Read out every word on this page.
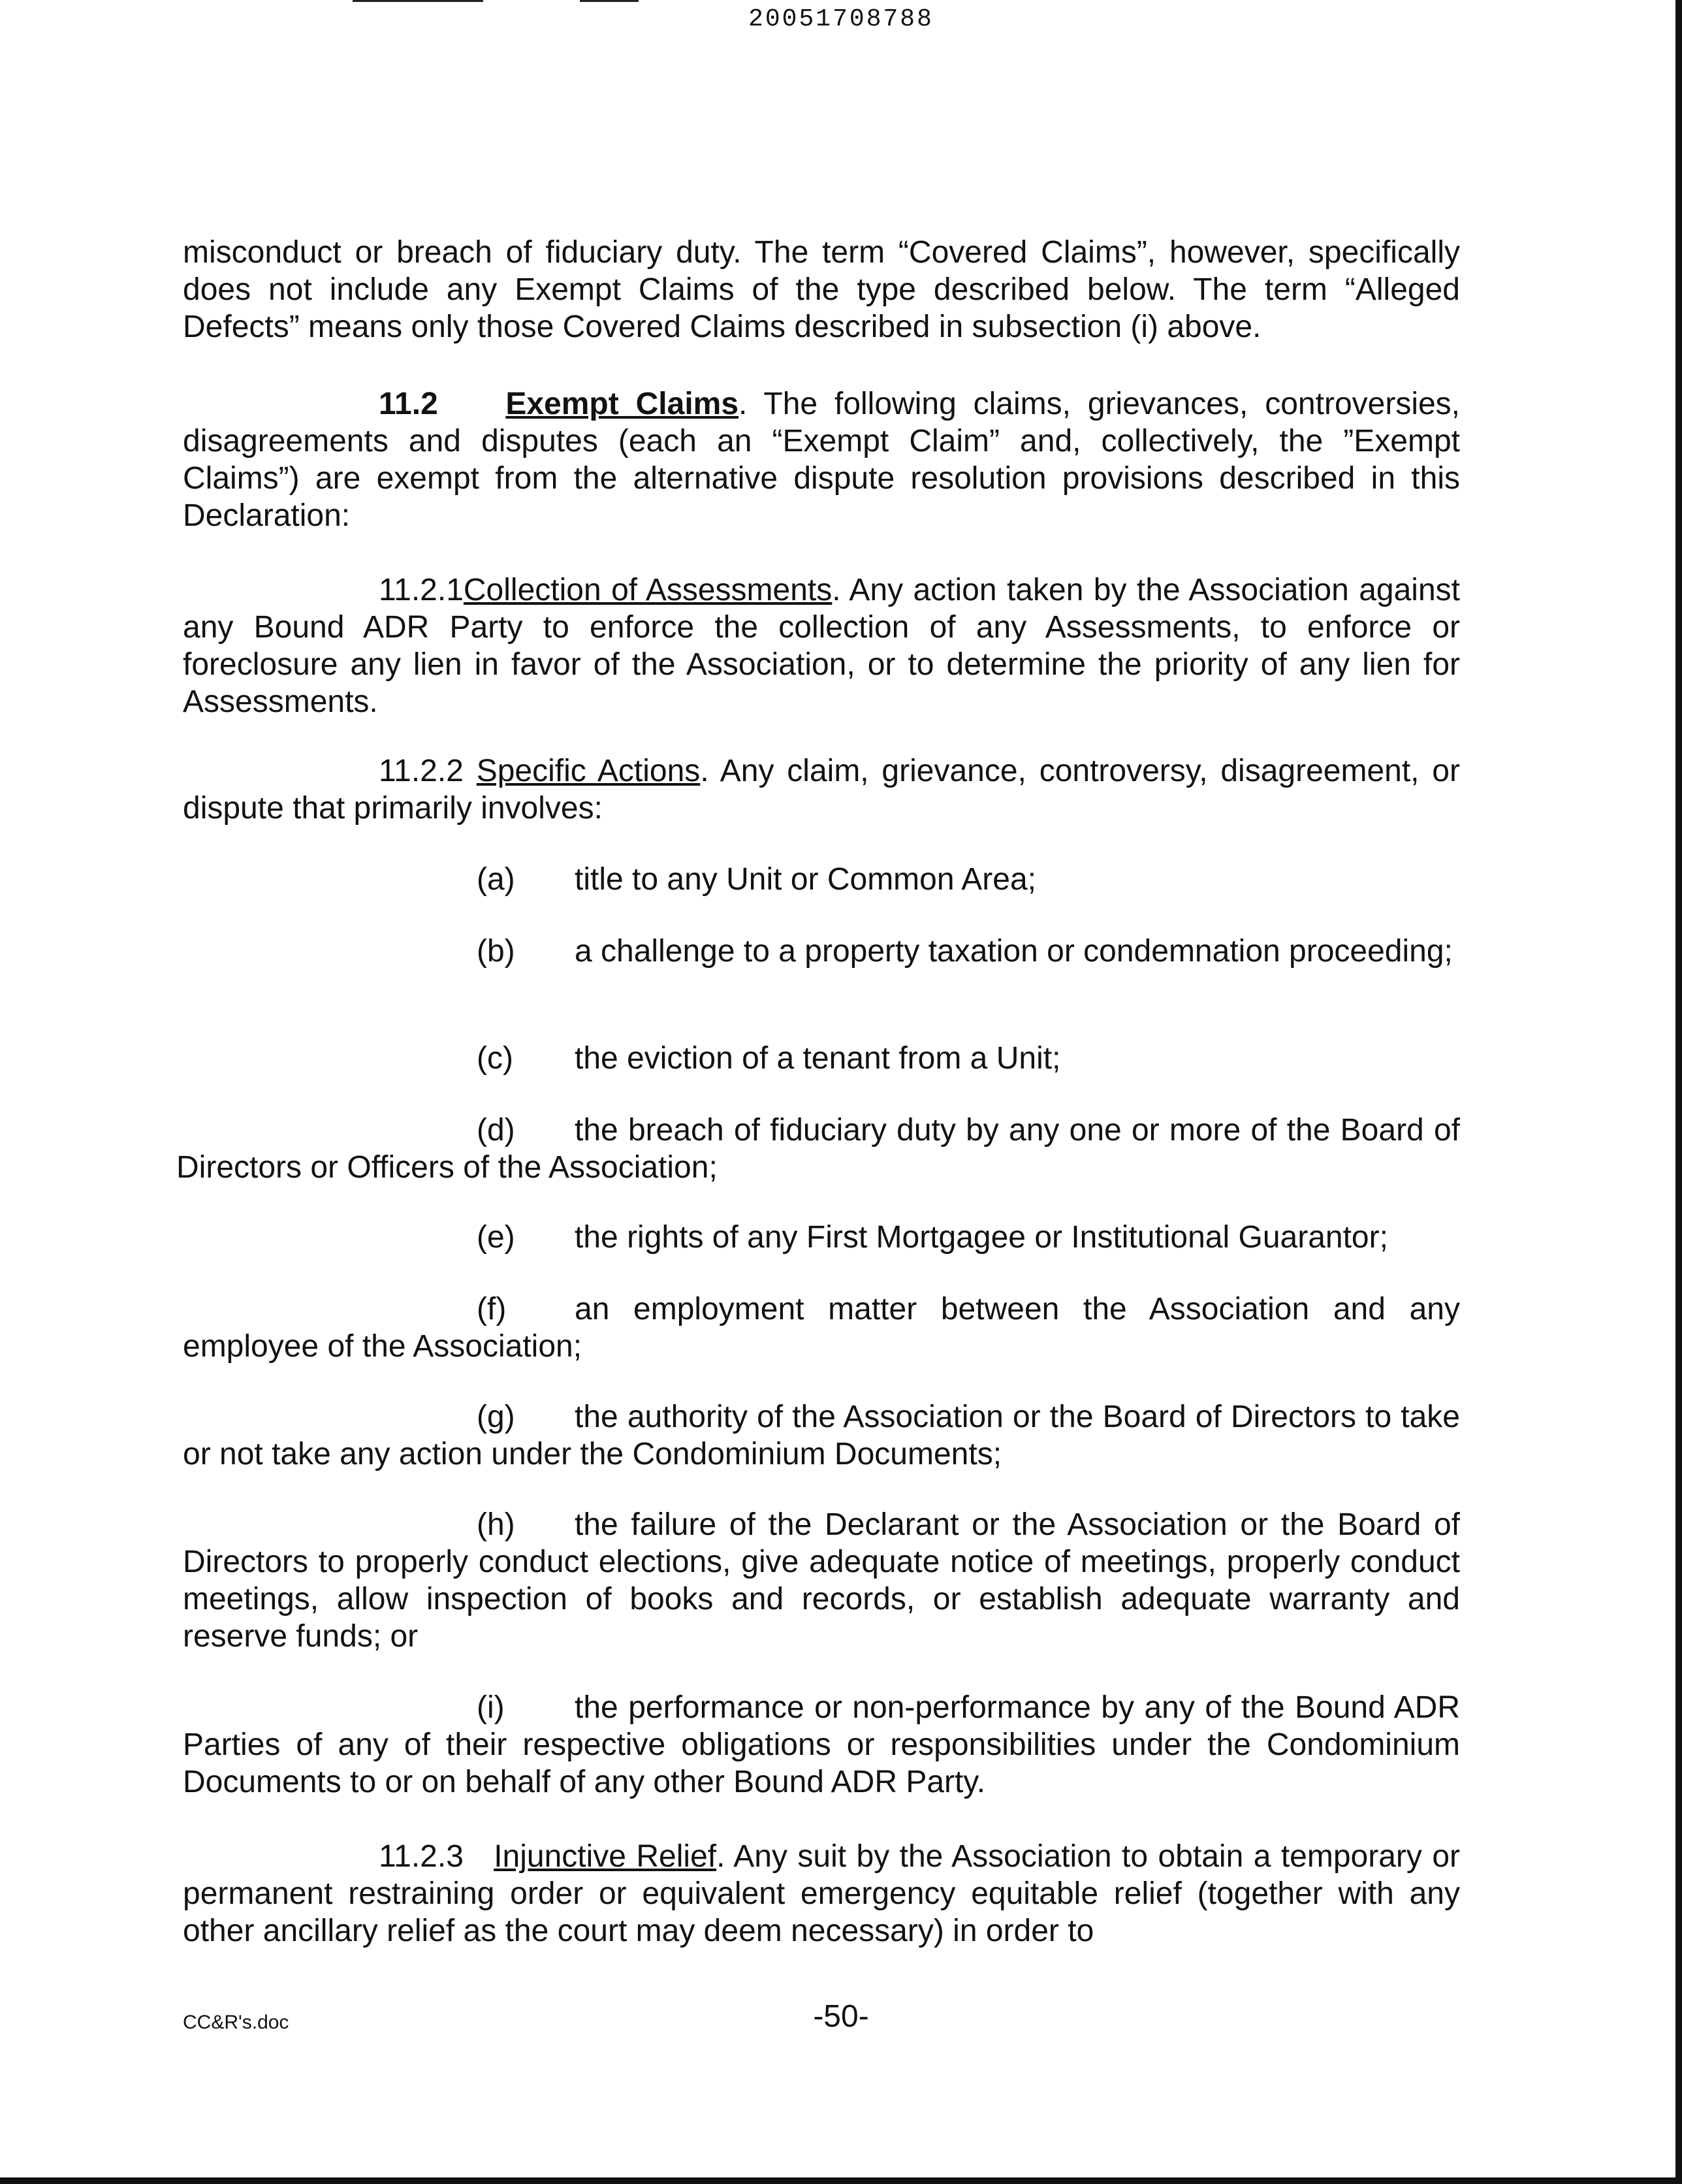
20051708788
misconduct or breach of fiduciary duty. The term “Covered Claims”, however, specifically does not include any Exempt Claims of the type described below. The term “Alleged Defects” means only those Covered Claims described in subsection (i) above.
11.2 Exempt Claims. The following claims, grievances, controversies, disagreements and disputes (each an “Exempt Claim” and, collectively, the ”Exempt Claims”) are exempt from the alternative dispute resolution provisions described in this Declaration:
11.2.1Collection of Assessments. Any action taken by the Association against any Bound ADR Party to enforce the collection of any Assessments, to enforce or foreclosure any lien in favor of the Association, or to determine the priority of any lien for Assessments.
11.2.2 Specific Actions. Any claim, grievance, controversy, disagreement, or dispute that primarily involves:
(a) title to any Unit or Common Area;
(b) a challenge to a property taxation or condemnation proceeding;
(c) the eviction of a tenant from a Unit;
(d) the breach of fiduciary duty by any one or more of the Board of Directors or Officers of the Association;
(e) the rights of any First Mortgagee or Institutional Guarantor;
(f) an employment matter between the Association and any employee of the Association;
(g) the authority of the Association or the Board of Directors to take or not take any action under the Condominium Documents;
(h) the failure of the Declarant or the Association or the Board of Directors to properly conduct elections, give adequate notice of meetings, properly conduct meetings, allow inspection of books and records, or establish adequate warranty and reserve funds; or
(i) the performance or non-performance by any of the Bound ADR Parties of any of their respective obligations or responsibilities under the Condominium Documents to or on behalf of any other Bound ADR Party.
11.2.3 Injunctive Relief. Any suit by the Association to obtain a temporary or permanent restraining order or equivalent emergency equitable relief (together with any other ancillary relief as the court may deem necessary) in order to
-50-
CC&R's.doc
